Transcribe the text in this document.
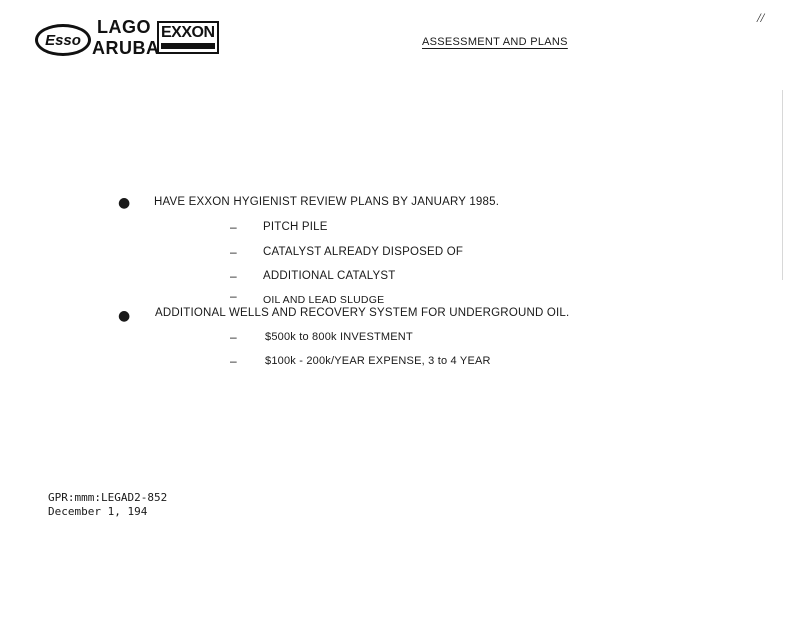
Esso
LAGO
ARUBA
EXXON
ASSESSMENT AND PLANS
//
● HAVE EXXON HYGIENIST REVIEW PLANS BY JANUARY 1985.
– PITCH PILE
– CATALYST ALREADY DISPOSED OF
– ADDITIONAL CATALYST
–	OIL AND LEAD SLUDGE
● ADDITIONAL WELLS AND RECOVERY SYSTEM FOR UNDERGROUND OIL.
–	$500k to 800k INVESTMENT
–	$100k - 200k/YEAR EXPENSE, 3 to 4 YEAR
GPR:mmm:LEGAD2-852
December 1, 194
